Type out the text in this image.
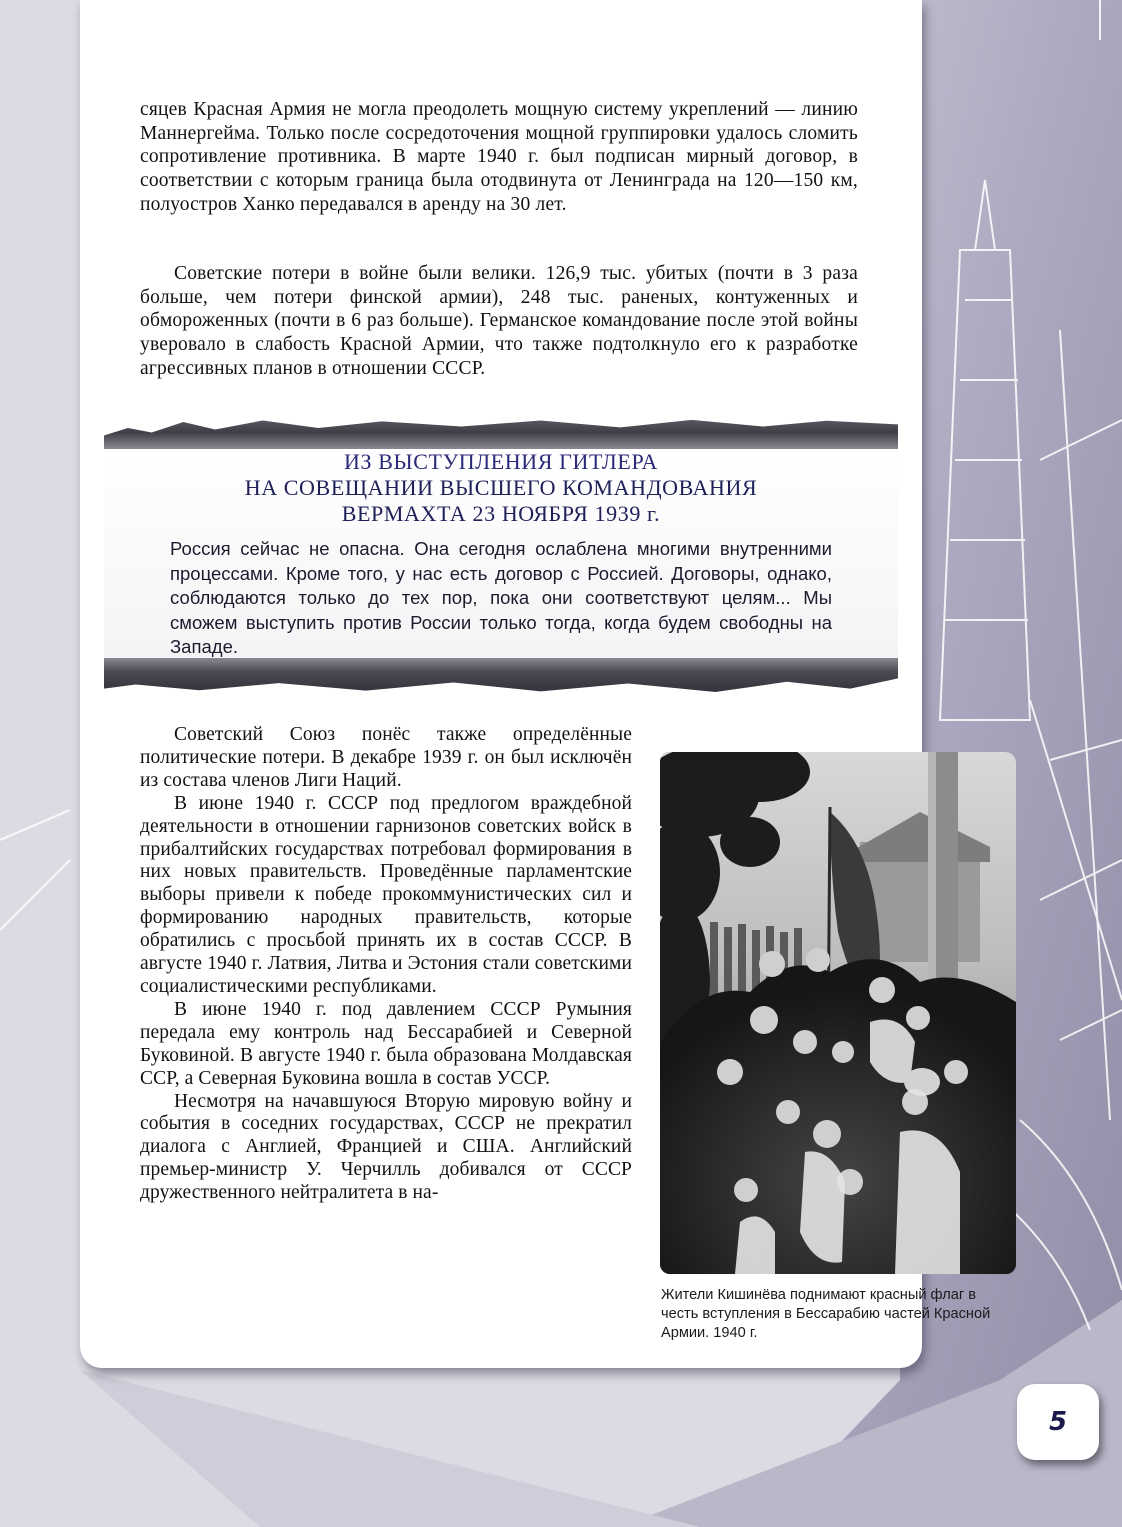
сяцев Красная Армия не могла преодолеть мощную систему укреплений — линию Маннергейма. Только после сосредоточения мощной группировки удалось сломить сопротивление противника. В марте 1940 г. был подписан мирный договор, в соответствии с которым граница была отодвинута от Ленинграда на 120—150 км, полуостров Ханко передавался в аренду на 30 лет.

Советские потери в войне были велики. 126,9 тыс. убитых (почти в 3 раза больше, чем потери финской армии), 248 тыс. раненых, контуженных и обмороженных (почти в 6 раз больше). Германское командование после этой войны уверовало в слабость Красной Армии, что также подтолкнуло его к разработке агрессивных планов в отношении СССР.

ИЗ ВЫСТУПЛЕНИЯ ГИТЛЕРА

НА СОВЕЩАНИИ ВЫСШЕГО КОМАНДОВАНИЯ

ВЕРМАХТА 23 НОЯБРЯ 1939 г.

Россия сейчас не опасна. Она сегодня ослаблена многими внутренними процессами. Кроме того, у нас есть договор с Россией. Договоры, однако, соблюдаются только до тех пор, пока они соответствуют целям... Мы сможем выступить против России только тогда, когда будем свободны на Западе.

Советский Союз понёс также определённые политические потери. В декабре 1939 г. он был исключён из состава членов Лиги Наций.

В июне 1940 г. СССР под предлогом враждебной деятельности в отношении гарнизонов советских войск в прибалтийских государствах потребовал формирования в них новых правительств. Проведённые парламентские выборы привели к победе прокоммунистических сил и формированию народных правительств, которые обратились с просьбой принять их в состав СССР. В августе 1940 г. Латвия, Литва и Эстония стали советскими социалистическими республиками.

В июне 1940 г. под давлением СССР Румыния передала ему контроль над Бессарабией и Северной Буковиной. В августе 1940 г. была образована Молдавская ССР, а Северная Буковина вошла в состав УССР.

Несмотря на начавшуюся Вторую мировую войну и события в соседних государствах, СССР не прекратил диалога с Англией, Францией и США. Английский премьер-министр У. Черчилль добивался от СССР дружественного нейтралитета в на-

Жители Кишинёва поднимают красный флаг в честь вступления в Бессарабию частей Красной Армии. 1940 г.

5
